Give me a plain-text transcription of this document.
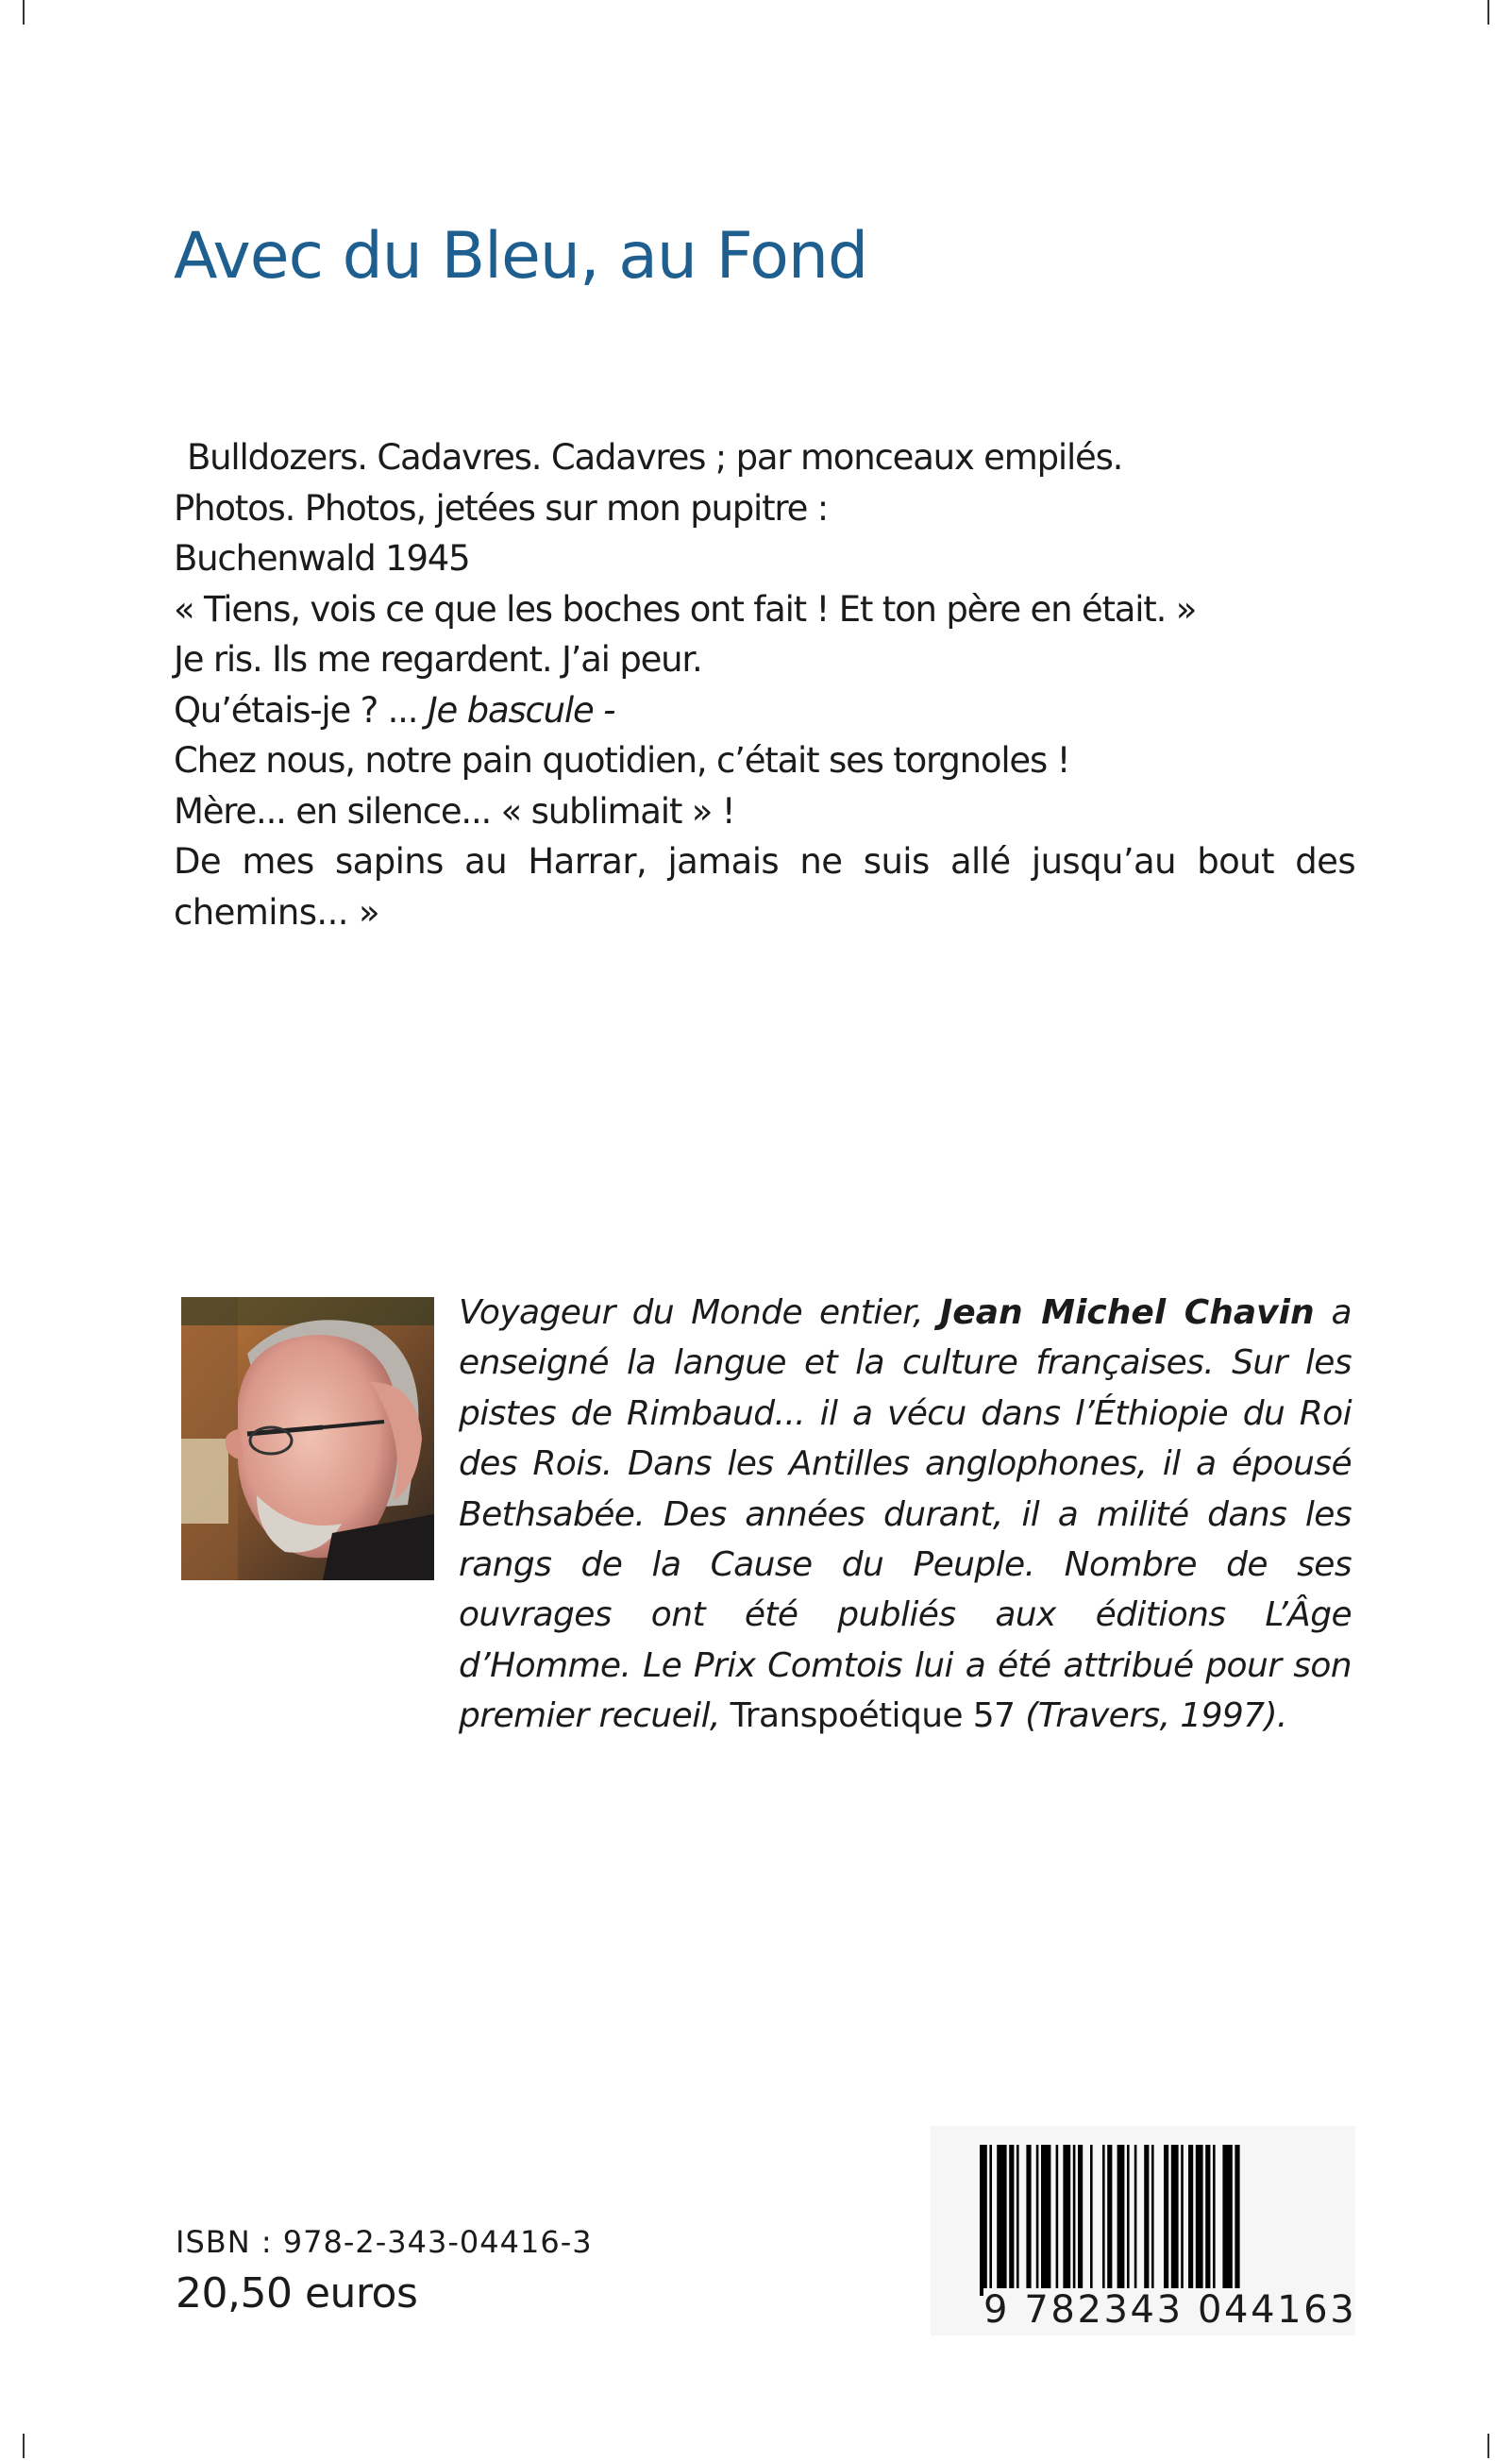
Avec du Bleu, au Fond
Bulldozers. Cadavres. Cadavres ; par monceaux empilés.
Photos. Photos, jetées sur mon pupitre :
Buchenwald 1945
« Tiens, vois ce que les boches ont fait ! Et ton père en était. »
Je ris. Ils me regardent. J’ai peur.
Qu’étais-je ? ... Je bascule -
Chez nous, notre pain quotidien, c’était ses torgnoles !
Mère... en silence... « sublimait » !
De mes sapins au Harrar, jamais ne suis allé jusqu’au bout des chemins... »
Voyageur du Monde entier, Jean Michel Chavin a enseigné la langue et la culture françaises. Sur les pistes de Rimbaud... il a vécu dans l’Éthiopie du Roi des Rois. Dans les Antilles anglophones, il a épousé Bethsabée. Des années durant, il a milité dans les rangs de la Cause du Peuple. Nombre de ses ouvrages ont été publiés aux éditions L’Âge d’Homme. Le Prix Comtois lui a été attribué pour son premier recueil, Transpoétique 57 (Travers, 1997).

ISBN : 978-2-343-04416-3

20,50 euros	9 782343 044163
